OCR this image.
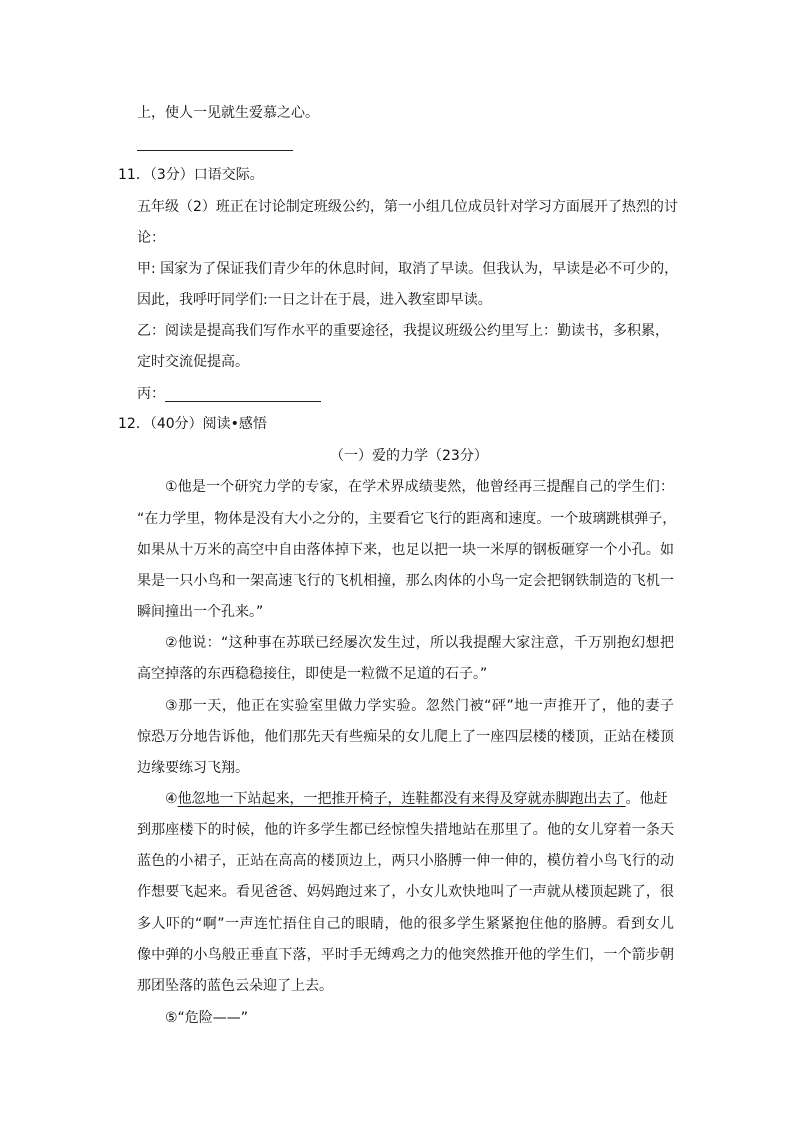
上，使人一见就生爱慕之心。
11．（3分）口语交际。
五年级（2）班正在讨论制定班级公约，第一小组几位成员针对学习方面展开了热烈的讨
论：
甲: 国家为了保证我们青少年的休息时间，取消了早读。但我认为，早读是必不可少的，
因此，我呼吁同学们:一日之计在于晨，进入教室即早读。
乙：阅读是提高我们写作水平的重要途径，我提议班级公约里写上：勤读书，多积累，
定时交流促提高。
丙：
12．（40分）阅读•感悟
（一）爱的力学（23分）
①他是一个研究力学的专家，在学术界成绩斐然，他曾经再三提醒自己的学生们：
“在力学里，物体是没有大小之分的，主要看它飞行的距离和速度。一个玻璃跳棋弹子，
如果从十万米的高空中自由落体掉下来，也足以把一块一米厚的钢板砸穿一个小孔。如
果是一只小鸟和一架高速飞行的飞机相撞，那么肉体的小鸟一定会把钢铁制造的飞机一
瞬间撞出一个孔来。”
②他说：“这种事在苏联已经屡次发生过，所以我提醒大家注意，千万别抱幻想把
高空掉落的东西稳稳接住，即使是一粒微不足道的石子。”
③那一天，他正在实验室里做力学实验。忽然门被“砰”地一声推开了，他的妻子
惊恐万分地告诉他，他们那先天有些痴呆的女儿爬上了一座四层楼的楼顶，正站在楼顶
边缘要练习飞翔。
④他忽地一下站起来，一把推开椅子，连鞋都没有来得及穿就赤脚跑出去了。他赶
到那座楼下的时候，他的许多学生都已经惊惶失措地站在那里了。他的女儿穿着一条天
蓝色的小裙子，正站在高高的楼顶边上，两只小胳膊一伸一伸的，模仿着小鸟飞行的动
作想要飞起来。看见爸爸、妈妈跑过来了，小女儿欢快地叫了一声就从楼顶起跳了，很
多人吓的“啊”一声连忙捂住自己的眼睛，他的很多学生紧紧抱住他的胳膊。看到女儿
像中弹的小鸟般正垂直下落，平时手无缚鸡之力的他突然推开他的学生们，一个箭步朝
那团坠落的蓝色云朵迎了上去。
⑤“危险——”
